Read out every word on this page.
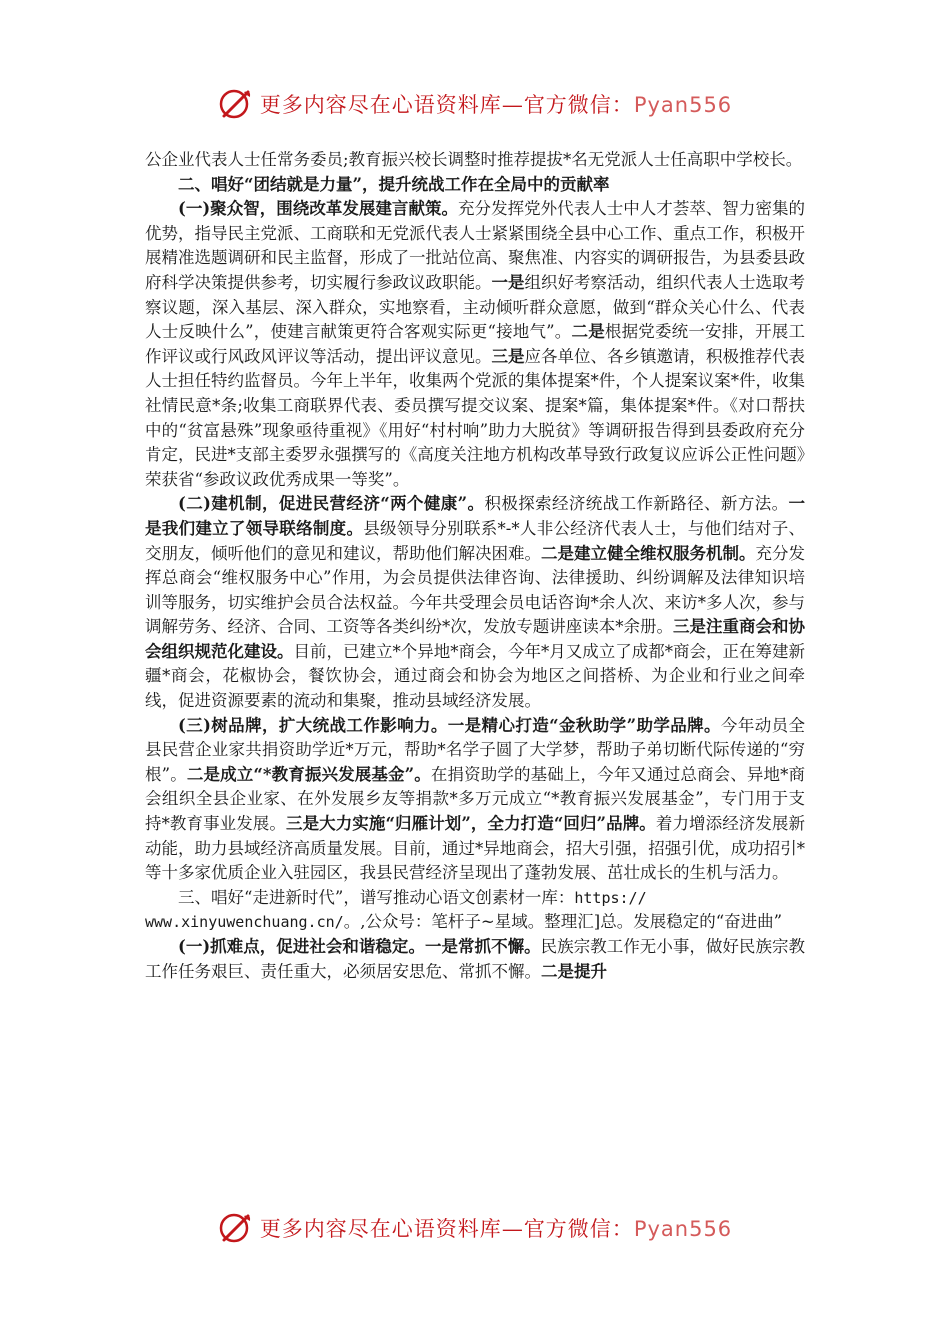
更多内容尽在心语资料库—官方微信：Pyan556

公企业代表人士任常务委员;教育振兴校长调整时推荐提拔*名无党派人士任高职中学校长。

二、唱好“团结就是力量”，提升统战工作在全局中的贡献率

(一)聚众智，围绕改革发展建言献策。充分发挥党外代表人士中人才荟萃、智力密集的优势，指导民主党派、工商联和无党派代表人士紧紧围绕全县中心工作、重点工作，积极开展精准选题调研和民主监督，形成了一批站位高、聚焦准、内容实的调研报告，为县委县政府科学决策提供参考，切实履行参政议政职能。一是组织好考察活动，组织代表人士选取考察议题，深入基层、深入群众，实地察看，主动倾听群众意愿，做到“群众关心什么、代表人士反映什么”，使建言献策更符合客观实际更“接地气”。二是根据党委统一安排，开展工作评议或行风政风评议等活动，提出评议意见。三是应各单位、各乡镇邀请，积极推荐代表人士担任特约监督员。今年上半年，收集两个党派的集体提案*件，个人提案议案*件，收集社情民意*条;收集工商联界代表、委员撰写提交议案、提案*篇，集体提案*件。《对口帮扶中的“贫富悬殊”现象亟待重视》《用好“村村响”助力大脱贫》等调研报告得到县委政府充分肯定，民进*支部主委罗永强撰写的《高度关注地方机构改革导致行政复议应诉公正性问题》荣获省“参政议政优秀成果一等奖”。

(二)建机制，促进民营经济“两个健康”。积极探索经济统战工作新路径、新方法。一是我们建立了领导联络制度。县级领导分别联系*-*人非公经济代表人士，与他们结对子、交朋友，倾听他们的意见和建议，帮助他们解决困难。二是建立健全维权服务机制。充分发挥总商会“维权服务中心”作用，为会员提供法律咨询、法律援助、纠纷调解及法律知识培训等服务，切实维护会员合法权益。今年共受理会员电话咨询*余人次、来访*多人次，参与调解劳务、经济、合同、工资等各类纠纷*次，发放专题讲座读本*余册。三是注重商会和协会组织规范化建设。目前，已建立*个异地*商会，今年*月又成立了成都*商会，正在筹建新疆*商会，花椒协会，餐饮协会，通过商会和协会为地区之间搭桥、为企业和行业之间牵线，促进资源要素的流动和集聚，推动县域经济发展。

(三)树品牌，扩大统战工作影响力。一是精心打造“金秋助学”助学品牌。今年动员全县民营企业家共捐资助学近*万元，帮助*名学子圆了大学梦，帮助子弟切断代际传递的“穷根”。二是成立“*教育振兴发展基金”。在捐资助学的基础上，今年又通过总商会、异地*商会组织全县企业家、在外发展乡友等捐款*多万元成立“*教育振兴发展基金”，专门用于支持*教育事业发展。三是大力实施“归雁计划”，全力打造“回归”品牌。着力增添经济发展新动能，助力县域经济高质量发展。目前，通过*异地商会，招大引强，招强引优，成功招引*等十多家优质企业入驻园区，我县民营经济呈现出了蓬勃发展、茁壮成长的生机与活力。

三、唱好“走进新时代”，谱写推动心语文创素材一库：https://

www.xinyuwenchuang.cn/。,公众号：笔杆子~星域。整理汇]总。发展稳定的“奋进曲”

(一)抓难点，促进社会和谐稳定。一是常抓不懈。民族宗教工作无小事，做好民族宗教工作任务艰巨、责任重大，必须居安思危、常抓不懈。二是提升

更多内容尽在心语资料库—官方微信：Pyan556
